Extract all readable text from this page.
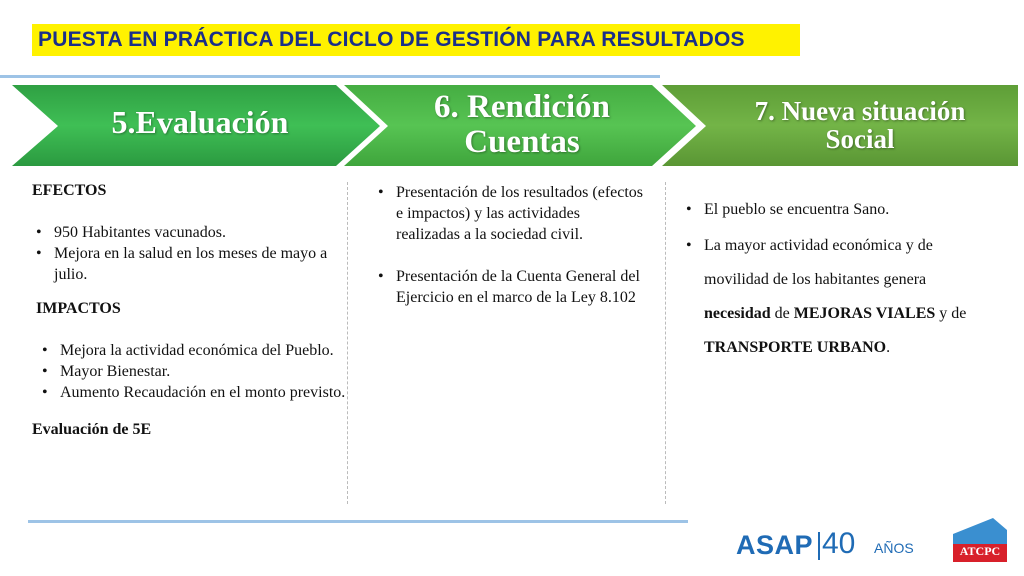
PUESTA EN PRÁCTICA DEL CICLO DE GESTIÓN PARA RESULTADOS
5.Evaluación	6. Rendición
Cuentas
7. Nueva situación
Social
EFECTOS
• 950 Habitantes vacunados.
• Mejora en la salud en los meses de mayo a julio.
IMPACTOS
• Mejora la actividad económica del Pueblo.
• Mayor Bienestar.
• Aumento Recaudación en el monto previsto.
Evaluación de 5E
• Presentación de los resultados (efectos e impactos) y las actividades realizadas a la sociedad civil.
• Presentación de la Cuenta General del Ejercicio en el marco de la Ley 8.102
• El pueblo se encuentra Sano.
• La mayor actividad económica y de movilidad de los habitantes genera necesidad de MEJORAS VIALES y de TRANSPORTE URBANO.
ASAP 40 AÑOS	ATCPC
